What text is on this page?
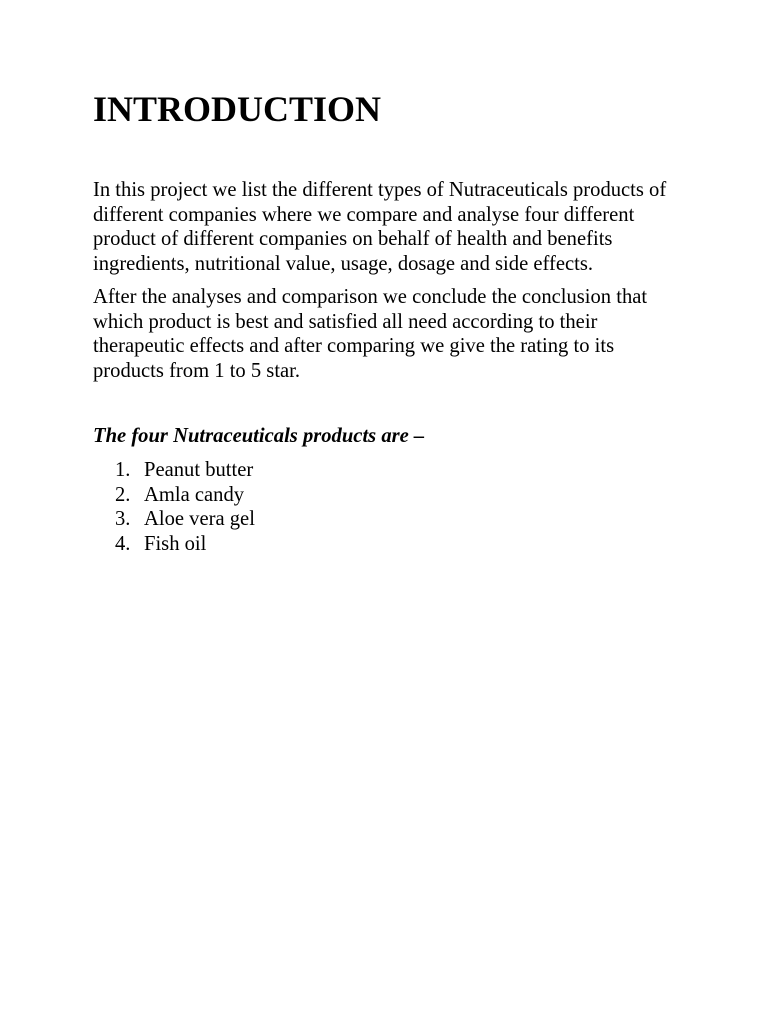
INTRODUCTION

In this project we list the different types of Nutraceuticals products of
different companies where we compare and analyse four different
product of different companies on behalf of health and benefits
ingredients, nutritional value, usage, dosage and side effects.

After the analyses and comparison we conclude the conclusion that
which product is best and satisfied all need according to their
therapeutic effects and after comparing we give the rating to its
products from 1 to 5 star.

The four Nutraceuticals products are –

1. Peanut butter
2. Amla candy
3. Aloe vera gel
4. Fish oil
